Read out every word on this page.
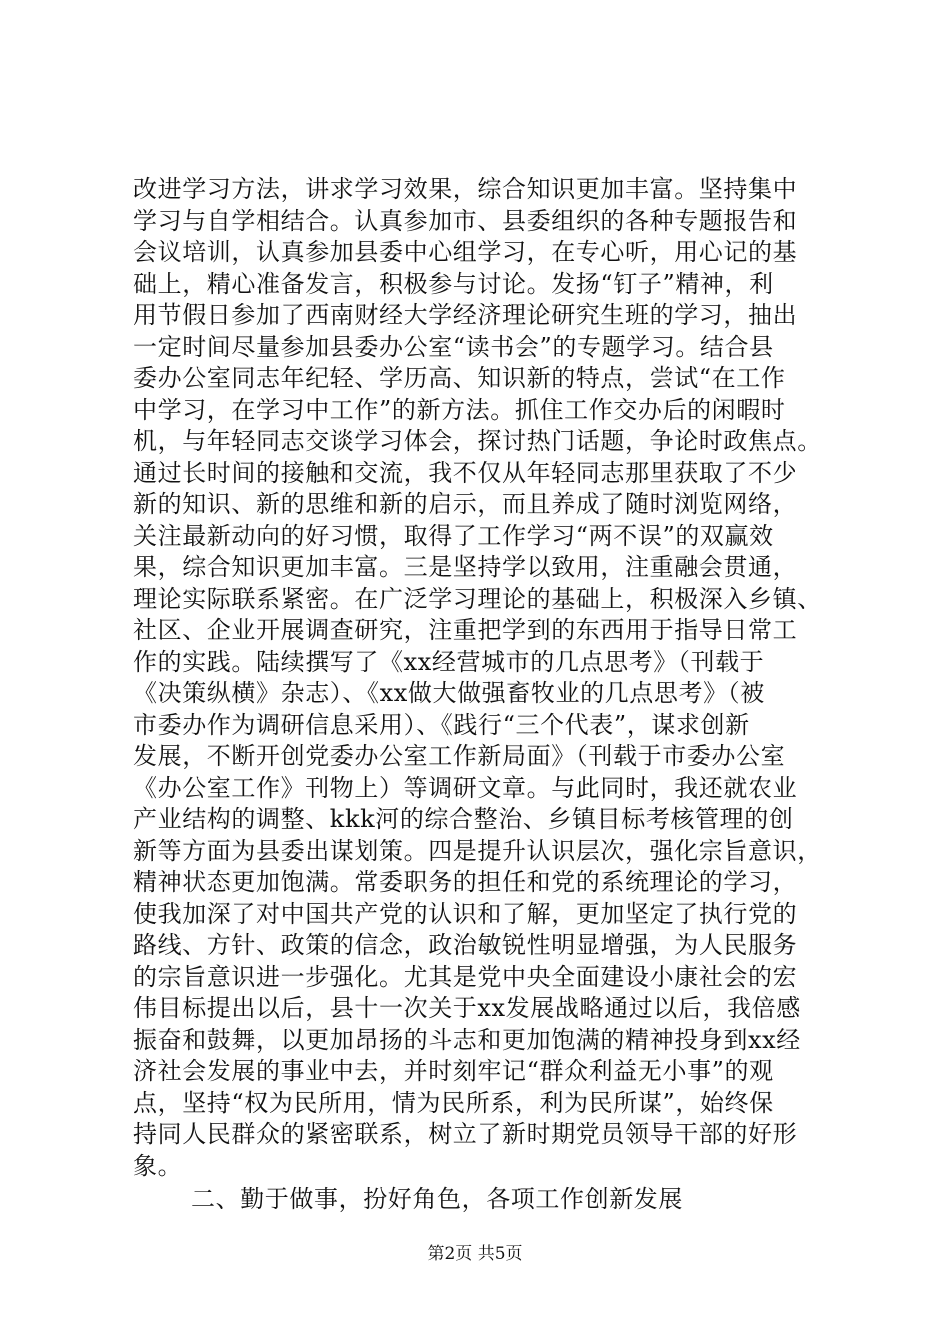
改进学习方法，讲求学习效果，综合知识更加丰富。坚持集中
学习与自学相结合。认真参加市、县委组织的各种专题报告和
会议培训，认真参加县委中心组学习，在专心听，用心记的基
础上，精心准备发言，积极参与讨论。发扬“钉子”精神，利
用节假日参加了西南财经大学经济理论研究生班的学习，抽出
一定时间尽量参加县委办公室“读书会”的专题学习。结合县
委办公室同志年纪轻、学历高、知识新的特点，尝试“在工作
中学习，在学习中工作”的新方法。抓住工作交办后的闲暇时
机，与年轻同志交谈学习体会，探讨热门话题，争论时政焦点。
通过长时间的接触和交流，我不仅从年轻同志那里获取了不少
新的知识、新的思维和新的启示，而且养成了随时浏览网络，
关注最新动向的好习惯，取得了工作学习“两不误”的双赢效
果，综合知识更加丰富。三是坚持学以致用，注重融会贯通，
理论实际联系紧密。在广泛学习理论的基础上，积极深入乡镇、
社区、企业开展调查研究，注重把学到的东西用于指导日常工
作的实践。陆续撰写了《xx经营城市的几点思考》（刊载于
《决策纵横》杂志）、《xx做大做强畜牧业的几点思考》（被
市委办作为调研信息采用）、《践行“三个代表”，谋求创新
发展，不断开创党委办公室工作新局面》（刊载于市委办公室
《办公室工作》刊物上）等调研文章。与此同时，我还就农业
产业结构的调整、kkk河的综合整治、乡镇目标考核管理的创
新等方面为县委出谋划策。四是提升认识层次，强化宗旨意识，
精神状态更加饱满。常委职务的担任和党的系统理论的学习，
使我加深了对中国共产党的认识和了解，更加坚定了执行党的
路线、方针、政策的信念，政治敏锐性明显增强，为人民服务
的宗旨意识进一步强化。尤其是党中央全面建设小康社会的宏
伟目标提出以后，县十一次关于xx发展战略通过以后，我倍感
振奋和鼓舞，以更加昂扬的斗志和更加饱满的精神投身到xx经
济社会发展的事业中去，并时刻牢记“群众利益无小事”的观
点，坚持“权为民所用，情为民所系，利为民所谋”，始终保
持同人民群众的紧密联系，树立了新时期党员领导干部的好形
象。
二、勤于做事，扮好角色，各项工作创新发展
第2页 共5页
